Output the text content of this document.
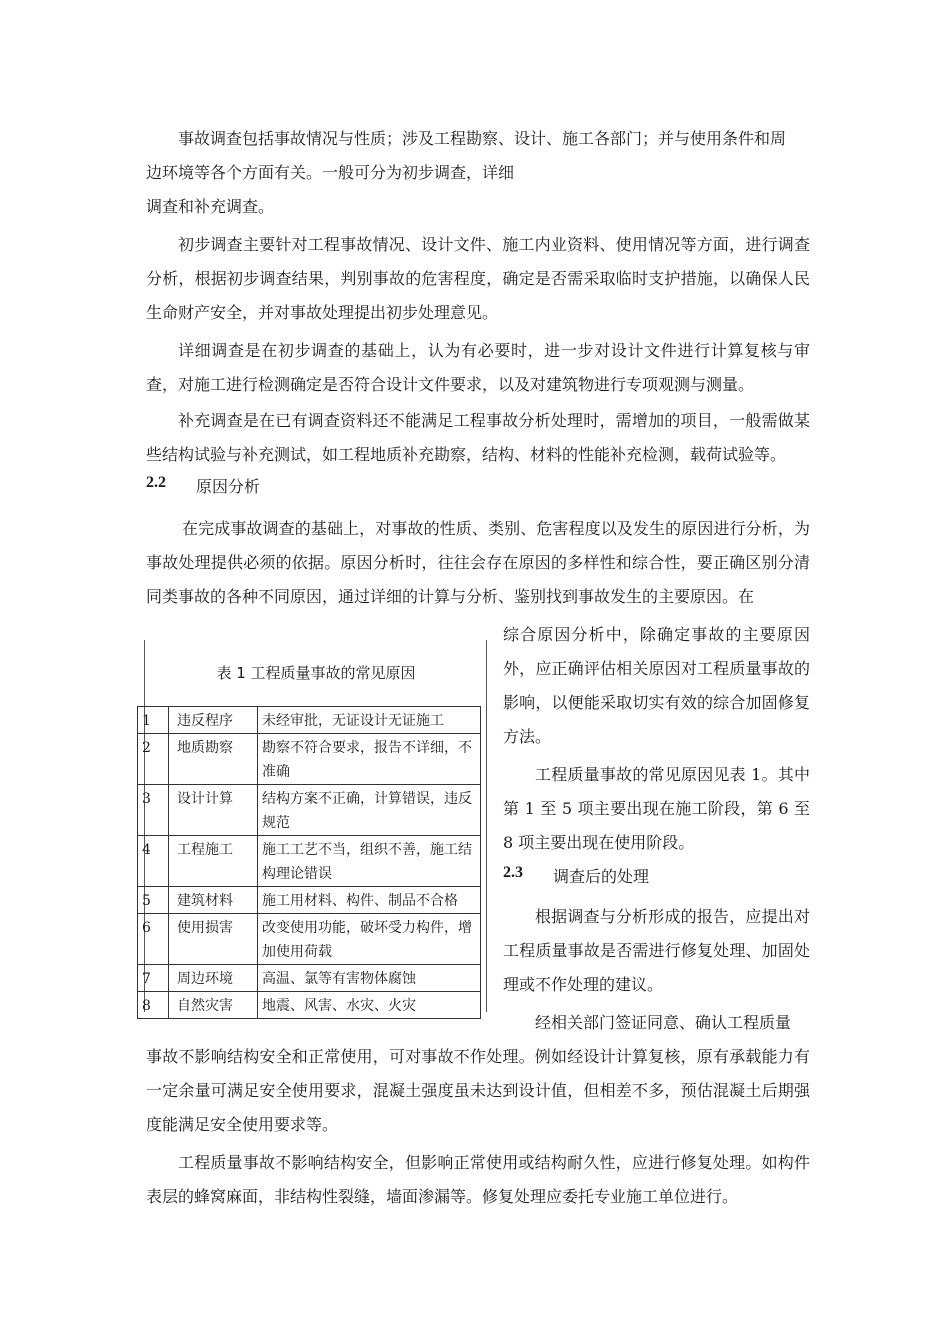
事故调查包括事故情况与性质；涉及工程勘察、设计、施工各部门；并与使用条件和周
边环境等各个方面有关。一般可分为初步调查，详细
调查和补充调查。
初步调查主要针对工程事故情况、设计文件、施工内业资料、使用情况等方面，进行调查分析，根据初步调查结果，判别事故的危害程度，确定是否需采取临时支护措施，以确保人民生命财产安全，并对事故处理提出初步处理意见。
详细调查是在初步调查的基础上，认为有必要时，进一步对设计文件进行计算复核与审查，对施工进行检测确定是否符合设计文件要求，以及对建筑物进行专项观测与测量。
补充调查是在已有调查资料还不能满足工程事故分析处理时，需增加的项目，一般需做某些结构试验与补充测试，如工程地质补充勘察，结构、材料的性能补充检测，载荷试验等。
2.2 原因分析
在完成事故调查的基础上，对事故的性质、类别、危害程度以及发生的原因进行分析，为事故处理提供必须的依据。原因分析时，往往会存在原因的多样性和综合性，要正确区别分清同类事故的各种不同原因，通过详细的计算与分析、鉴别找到事故发生的主要原因。在
表 1 工程质量事故的常见原因
1	违反程序	未经审批，无证设计无证施工
2	地质勘察	勘察不符合要求，报告不详细，不准确
3	设计计算	结构方案不正确，计算错误，违反规范
4	工程施工	施工工艺不当，组织不善，施工结构理论错误
5	建筑材料	施工用材料、构件、制品不合格
6	使用损害	改变使用功能，破坏受力构件，增加使用荷载
7	周边环境	高温、氯等有害物体腐蚀
8	自然灾害	地震、风害、水灾、火灾
综合原因分析中，除确定事故的主要原因外，应正确评估相关原因对工程质量事故的影响，以便能采取切实有效的综合加固修复方法。
工程质量事故的常见原因见表 1。其中第 1 至 5 项主要出现在施工阶段，第 6 至 8 项主要出现在使用阶段。
2.3 调查后的处理
根据调查与分析形成的报告，应提出对工程质量事故是否需进行修复处理、加固处理或不作处理的建议。
经相关部门签证同意、确认工程质量
事故不影响结构安全和正常使用，可对事故不作处理。例如经设计计算复核，原有承载能力有一定余量可满足安全使用要求，混凝土强度虽未达到设计值，但相差不多，预估混凝土后期强度能满足安全使用要求等。
工程质量事故不影响结构安全，但影响正常使用或结构耐久性，应进行修复处理。如构件表层的蜂窝麻面，非结构性裂缝，墙面渗漏等。修复处理应委托专业施工单位进行。
